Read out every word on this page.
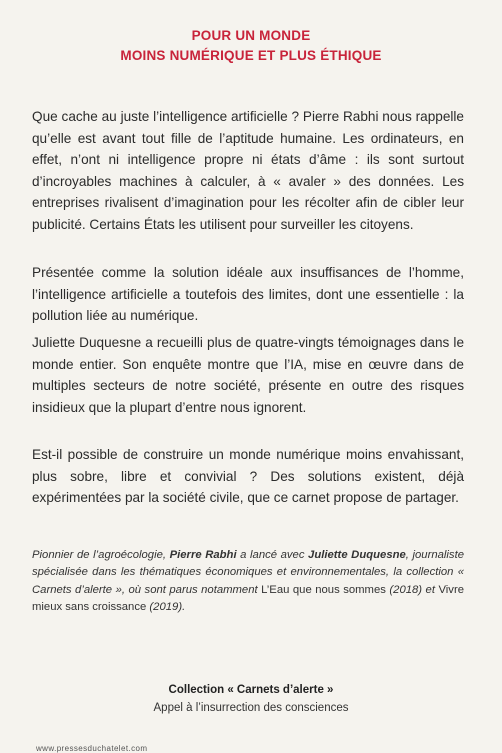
POUR UN MONDE
MOINS NUMÉRIQUE ET PLUS ÉTHIQUE
Que cache au juste l’intelligence artificielle ? Pierre Rabhi nous rappelle qu’elle est avant tout fille de l’aptitude humaine. Les ordinateurs, en effet, n’ont ni intelligence propre ni états d’âme : ils sont surtout d’incroyables machines à calculer, à « avaler » des données. Les entreprises rivalisent d’imagination pour les récolter afin de cibler leur publicité. Certains États les utilisent pour surveiller les citoyens.
Présentée comme la solution idéale aux insuffisances de l’homme, l’intelligence artificielle a toutefois des limites, dont une essentielle : la pollution liée au numérique.
Juliette Duquesne a recueilli plus de quatre-vingts témoignages dans le monde entier. Son enquête montre que l’IA, mise en œuvre dans de multiples secteurs de notre société, présente en outre des risques insidieux que la plupart d’entre nous ignorent.
Est-il possible de construire un monde numérique moins envahissant, plus sobre, libre et convivial ? Des solutions existent, déjà expérimentées par la société civile, que ce carnet propose de partager.
Pionnier de l’agroécologie, Pierre Rabhi a lancé avec Juliette Duquesne, journaliste spécialisée dans les thématiques économiques et environnementales, la collection « Carnets d’alerte », où sont parus notamment L’Eau que nous sommes (2018) et Vivre mieux sans croissance (2019).
Collection « Carnets d’alerte »
Appel à l’insurrection des consciences
www.pressesduchatelet.com
